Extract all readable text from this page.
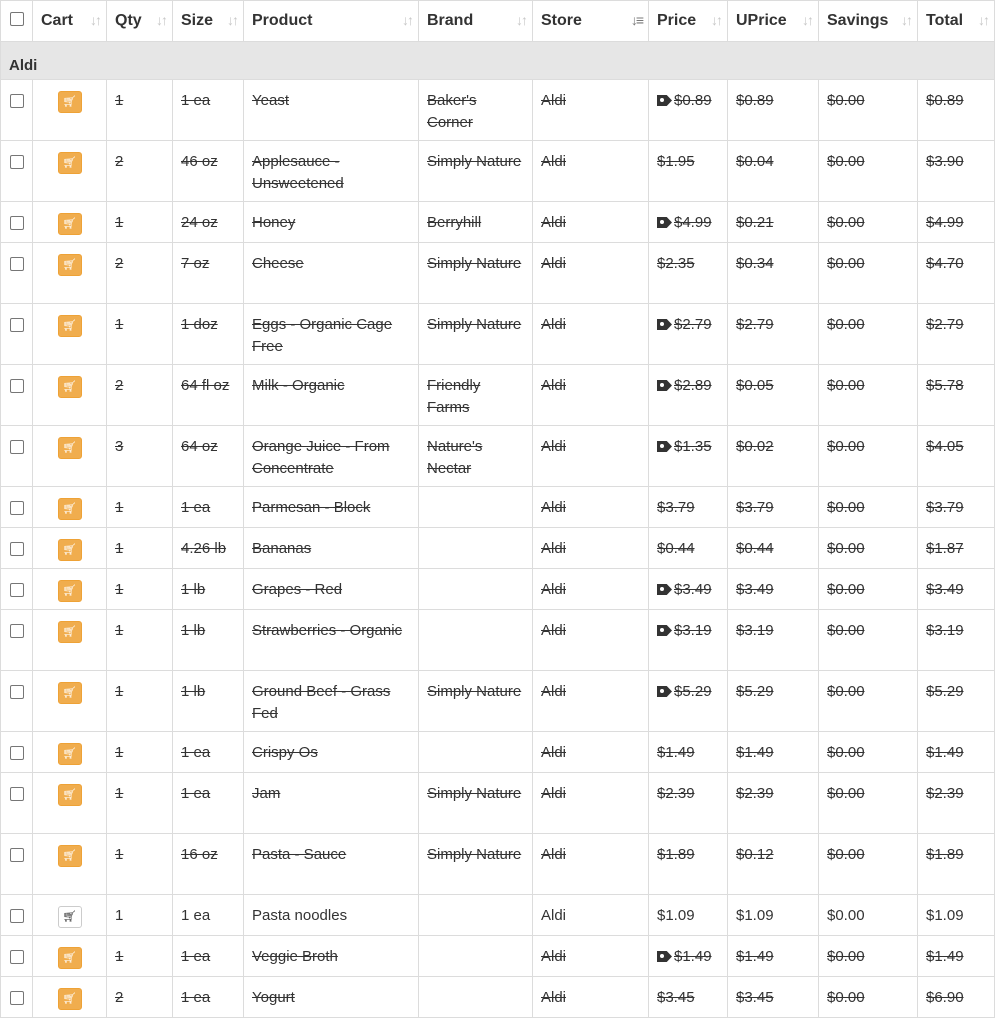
	Cart ↓↑	Qty ↓↑	Size ↓↑	Product ↓↑	Brand ↓↑	Store ↓≡	Price ↓↑	UPrice ↓↑	Savings ↓↑	Total ↓↑

Aldi										
	🛒︎	1	1 ea	Yeast	Baker's Corner	Aldi	$0.89	$0.89	$0.00	$0.89
	🛒︎	2	46 oz	Applesauce - Unsweetened	Simply Nature	Aldi	$1.95	$0.04	$0.00	$3.90
	🛒︎	1	24 oz	Honey	Berryhill	Aldi	$4.99	$0.21	$0.00	$4.99
	🛒︎	2	7 oz	Cheese	Simply Nature	Aldi	$2.35	$0.34	$0.00	$4.70
	🛒︎	1	1 doz	Eggs - Organic Cage Free	Simply Nature	Aldi	$2.79	$2.79	$0.00	$2.79
	🛒︎	2	64 fl oz	Milk - Organic	Friendly Farms	Aldi	$2.89	$0.05	$0.00	$5.78
	🛒︎	3	64 oz	Orange Juice - From Concentrate	Nature's Nectar	Aldi	$1.35	$0.02	$0.00	$4.05
	🛒︎	1	1 ea	Parmesan - Block		Aldi	$3.79	$3.79	$0.00	$3.79
	🛒︎	1	4.26 lb	Bananas		Aldi	$0.44	$0.44	$0.00	$1.87
	🛒︎	1	1 lb	Grapes - Red		Aldi	$3.49	$3.49	$0.00	$3.49
	🛒︎	1	1 lb	Strawberries - Organic		Aldi	$3.19	$3.19	$0.00	$3.19
	🛒︎	1	1 lb	Ground Beef - Grass Fed	Simply Nature	Aldi	$5.29	$5.29	$0.00	$5.29
	🛒︎	1	1 ea	Crispy Os		Aldi	$1.49	$1.49	$0.00	$1.49
	🛒︎	1	1 ea	Jam	Simply Nature	Aldi	$2.39	$2.39	$0.00	$2.39
	🛒︎	1	16 oz	Pasta - Sauce	Simply Nature	Aldi	$1.89	$0.12	$0.00	$1.89
	🛒︎	1	1 ea	Pasta noodles		Aldi	$1.09	$1.09	$0.00	$1.09
	🛒︎	1	1 ea	Veggie Broth		Aldi	$1.49	$1.49	$0.00	$1.49
	🛒︎	2	1 ea	Yogurt		Aldi	$3.45	$3.45	$0.00	$6.90
